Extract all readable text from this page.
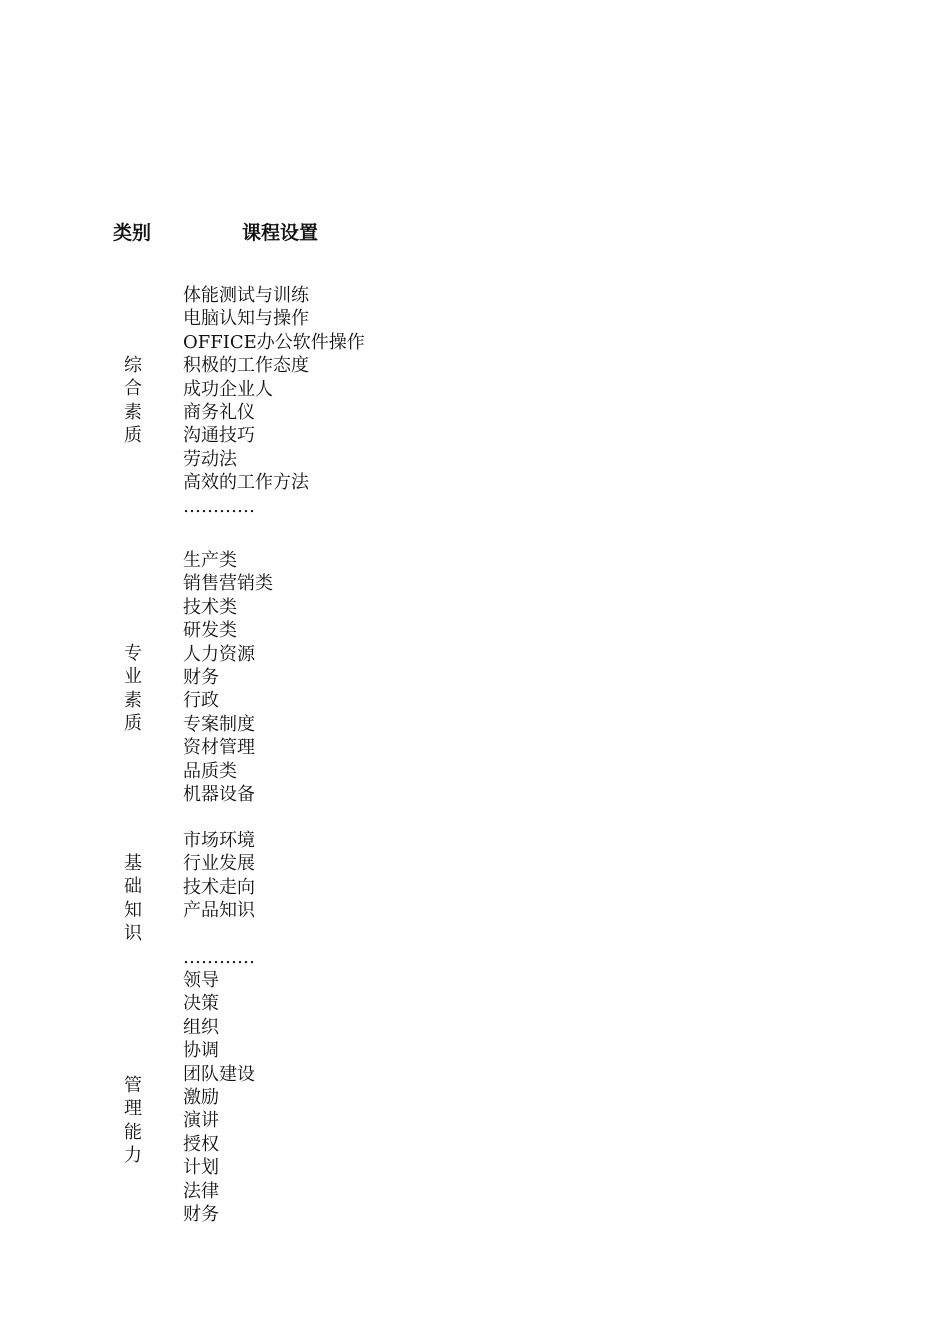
类别	课程设置
综
合
素
质
体能测试与训练
电脑认知与操作
OFFICE办公软件操作
积极的工作态度
成功企业人
商务礼仪
沟通技巧
劳动法
高效的工作方法
…………
专
业
素
质
生产类
销售营销类
技术类
研发类
人力资源
财务
行政
专案制度
资材管理
品质类
机器设备
基
础
知
识
市场环境
行业发展
技术走向
产品知识
…………
管
理
能
力
领导
决策
组织
协调
团队建设
激励
演讲
授权
计划
法律
财务
